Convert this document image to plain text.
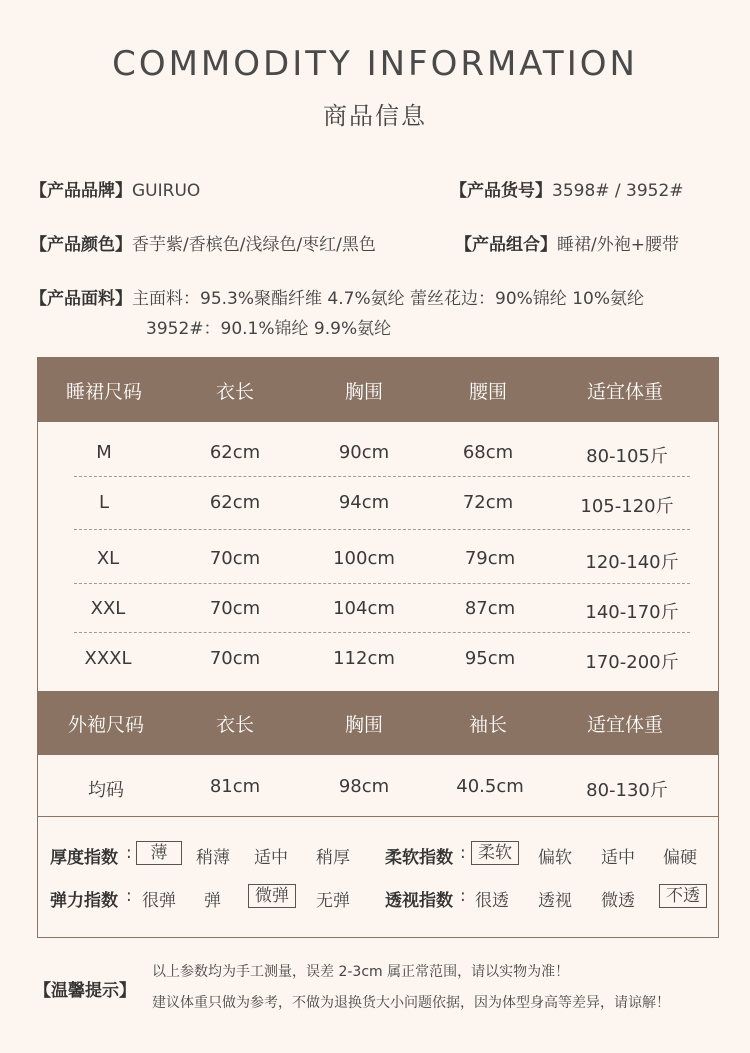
COMMODITY INFORMATION
商品信息
【产品品牌】GUIRUO	【产品货号】3598# / 3952#
【产品颜色】香芋紫/香槟色/浅绿色/枣红/黑色	【产品组合】睡裙/外袍+腰带
【产品面料】主面料：95.3%聚酯纤维 4.7%氨纶 蕾丝花边：90%锦纶 10%氨纶
3952#：90.1%锦纶 9.9%氨纶
睡裙尺码	衣长	胸围	腰围	适宜体重
M	62cm	90cm	68cm	80-105斤
L	62cm	94cm	72cm	105-120斤
XL	70cm	100cm	79cm	120-140斤
XXL	70cm	104cm	87cm	140-170斤
XXXL	70cm	112cm	95cm	170-200斤
外袍尺码	衣长	胸围	袖长	适宜体重
均码	81cm	98cm	40.5cm	80-130斤
厚度指数 :	薄	稍薄 适中 稍厚 柔软指数 : 柔软	偏软 适中 偏硬
弹力指数 : 很弹 弹	微弹	无弹 透视指数 : 很透 透视 微透	不透
【温馨提示】
以上参数均为手工测量，误差 2-3cm 属正常范围，请以实物为准！
建议体重只做为参考，不做为退换货大小问题依据，因为体型身高等差异，请谅解！
